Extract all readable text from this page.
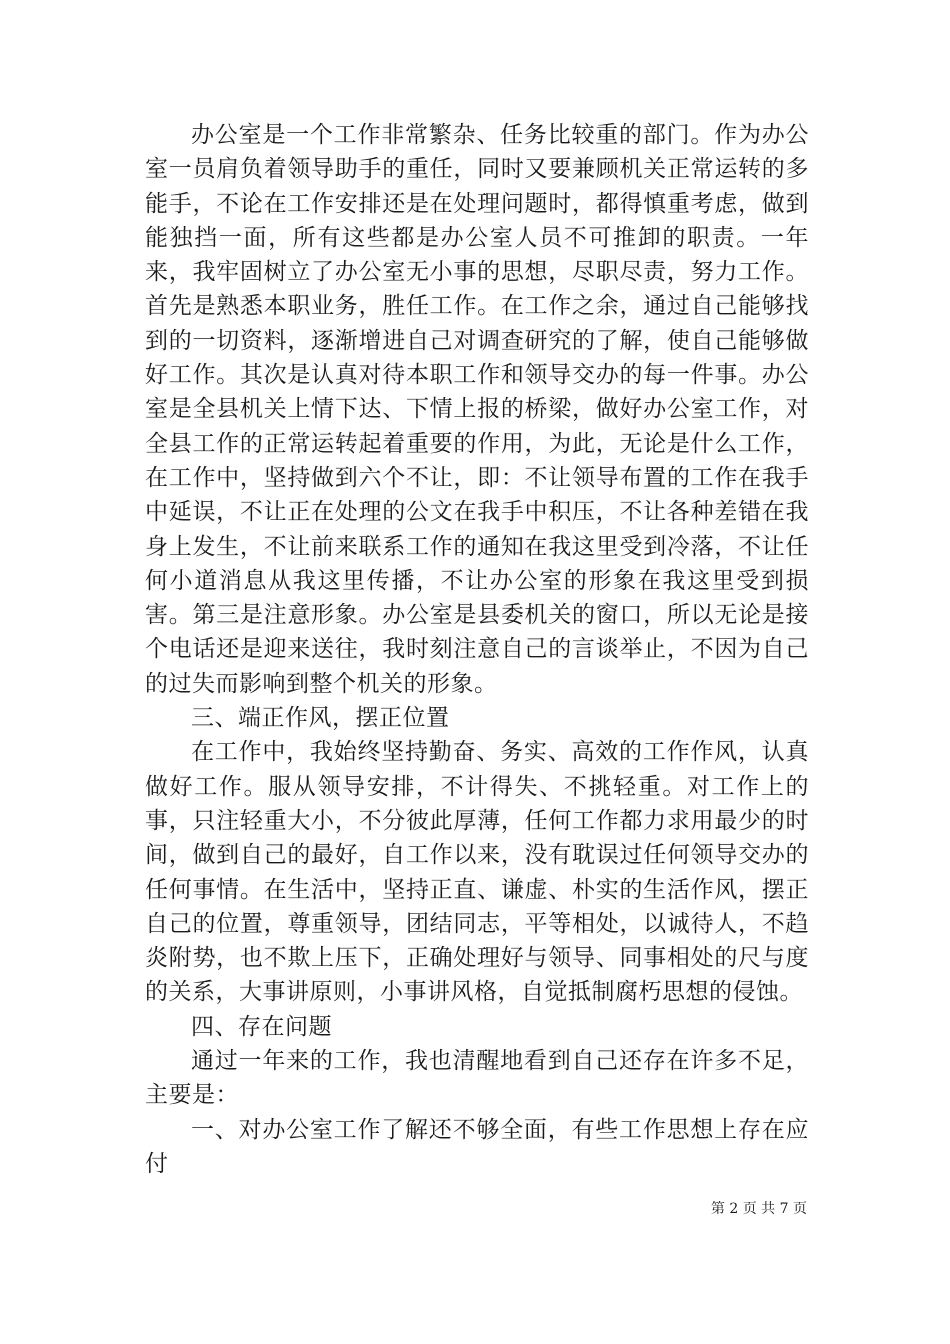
办公室是一个工作非常繁杂、任务比较重的部门。作为办公室一员肩负着领导助手的重任，同时又要兼顾机关正常运转的多能手，不论在工作安排还是在处理问题时，都得慎重考虑，做到能独挡一面，所有这些都是办公室人员不可推卸的职责。一年来，我牢固树立了办公室无小事的思想，尽职尽责，努力工作。首先是熟悉本职业务，胜任工作。在工作之余，通过自己能够找到的一切资料，逐渐增进自己对调查研究的了解，使自己能够做好工作。其次是认真对待本职工作和领导交办的每一件事。办公室是全县机关上情下达、下情上报的桥梁，做好办公室工作，对全县工作的正常运转起着重要的作用，为此，无论是什么工作，在工作中，坚持做到六个不让，即：不让领导布置的工作在我手中延误，不让正在处理的公文在我手中积压，不让各种差错在我身上发生，不让前来联系工作的通知在我这里受到冷落，不让任何小道消息从我这里传播，不让办公室的形象在我这里受到损害。第三是注意形象。办公室是县委机关的窗口，所以无论是接个电话还是迎来送往，我时刻注意自己的言谈举止，不因为自己的过失而影响到整个机关的形象。

三、端正作风，摆正位置

在工作中，我始终坚持勤奋、务实、高效的工作作风，认真做好工作。服从领导安排，不计得失、不挑轻重。对工作上的事，只注轻重大小，不分彼此厚薄，任何工作都力求用最少的时间，做到自己的最好，自工作以来，没有耽误过任何领导交办的任何事情。在生活中，坚持正直、谦虚、朴实的生活作风，摆正自己的位置，尊重领导，团结同志，平等相处，以诚待人，不趋炎附势，也不欺上压下，正确处理好与领导、同事相处的尺与度的关系，大事讲原则，小事讲风格，自觉抵制腐朽思想的侵蚀。

四、存在问题

通过一年来的工作，我也清醒地看到自己还存在许多不足，主要是：

一、对办公室工作了解还不够全面，有些工作思想上存在应付

第 2 页 共 7 页
